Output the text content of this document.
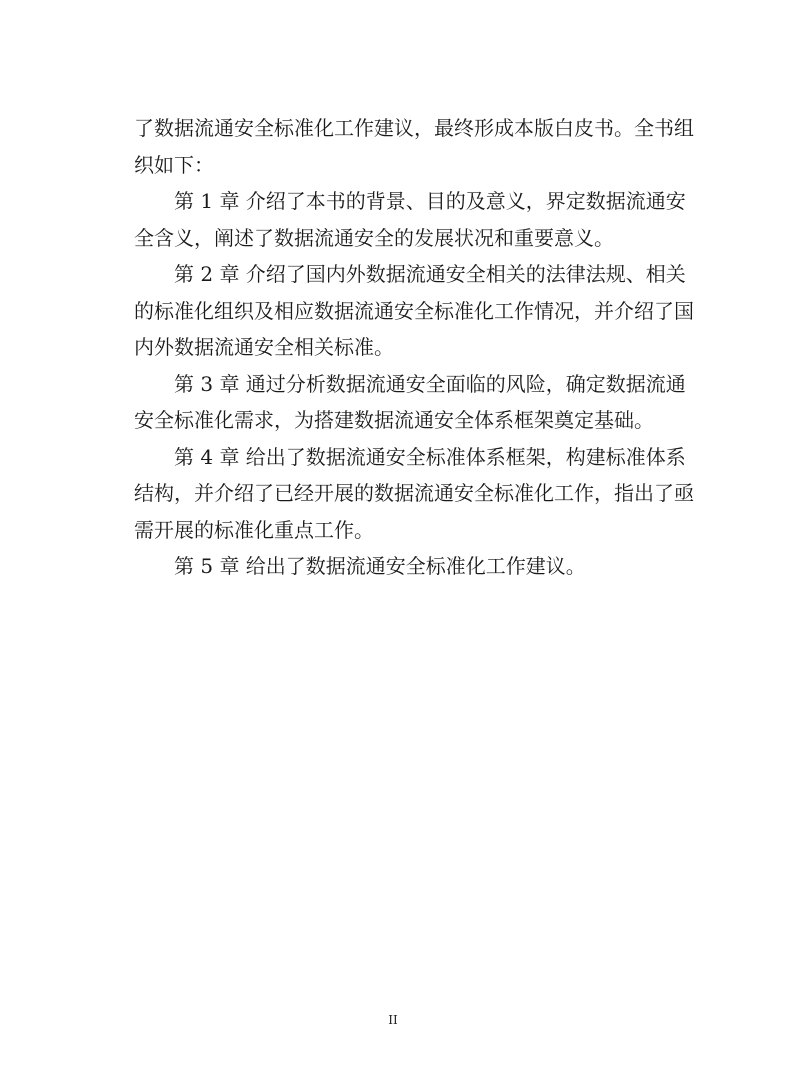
了数据流通安全标准化工作建议，最终形成本版白皮书。全书组
织如下：

第 1 章 介绍了本书的背景、目的及意义，界定数据流通安
全含义，阐述了数据流通安全的发展状况和重要意义。

第 2 章 介绍了国内外数据流通安全相关的法律法规、相关
的标准化组织及相应数据流通安全标准化工作情况，并介绍了国
内外数据流通安全相关标准。

第 3 章 通过分析数据流通安全面临的风险，确定数据流通
安全标准化需求，为搭建数据流通安全体系框架奠定基础。

第 4 章 给出了数据流通安全标准体系框架，构建标准体系
结构，并介绍了已经开展的数据流通安全标准化工作，指出了亟
需开展的标准化重点工作。

第 5 章 给出了数据流通安全标准化工作建议。

II
